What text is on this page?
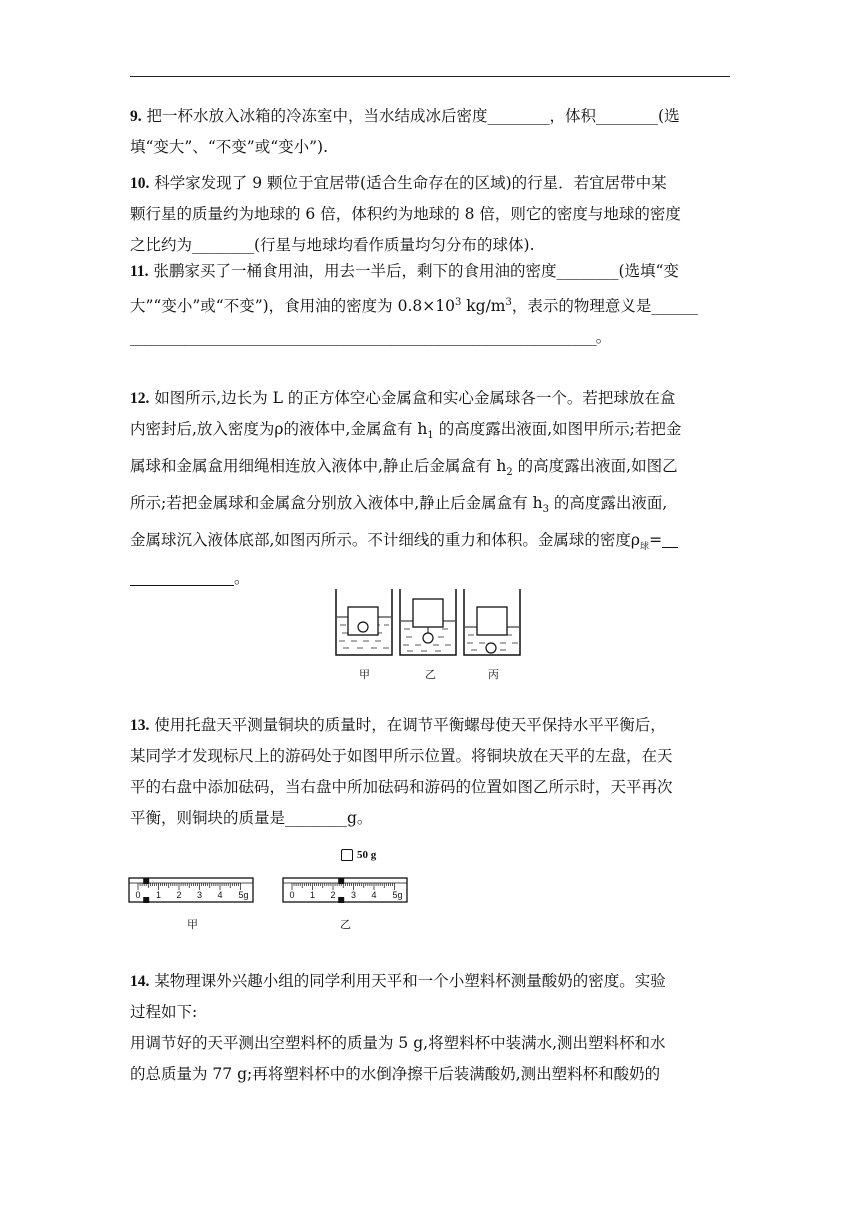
9. 把一杯水放入冰箱的冷冻室中，当水结成冰后密度________，体积________(选
填“变大”、“不变”或“变小”).
10. 科学家发现了 9 颗位于宜居带(适合生命存在的区域)的行星．若宜居带中某
颗行星的质量约为地球的 6 倍，体积约为地球的 8 倍，则它的密度与地球的密度
之比约为________(行星与地球均看作质量均匀分布的球体).
11. 张鹏家买了一桶食用油，用去一半后，剩下的食用油的密度________(选填“变
大”“变小”或“不变”)，食用油的密度为 $0.8\times 10^3$ $kg/m^3$，表示的物理意义是______
____________________________________________________________________。
12. 如图所示,边长为 L 的正方体空心金属盒和实心金属球各一个。若把球放在盒
内密封后,放入密度为ρ的液体中,金属盒有 $h_1$ 的高度露出液面,如图甲所示;若把金
属球和金属盒用细绳相连放入液体中,静止后金属盒有 $h_2$ 的高度露出液面,如图乙
所示;若把金属球和金属盒分别放入液体中,静止后金属盒有 $h_3$ 的高度露出液面,
金属球沉入液体底部,如图丙所示。不计细线的重力和体积。金属球的密度$\rho_球=$
。
甲	乙	丙
13. 使用托盘天平测量铜块的质量时，在调节平衡螺母使天平保持水平平衡后，
某同学才发现标尺上的游码处于如图甲所示位置。将铜块放在天平的左盘，在天
平的右盘中添加砝码，当右盘中所加砝码和游码的位置如图乙所示时，天平再次
平衡，则铜块的质量是________g。
50 g
0 1 2 3 4 5g	0 1 2 3 4 5g
甲	乙
14. 某物理课外兴趣小组的同学利用天平和一个小塑料杯测量酸奶的密度。实验
过程如下:
用调节好的天平测出空塑料杯的质量为 5 g,将塑料杯中装满水,测出塑料杯和水
的总质量为 77 g;再将塑料杯中的水倒净擦干后装满酸奶,测出塑料杯和酸奶的
